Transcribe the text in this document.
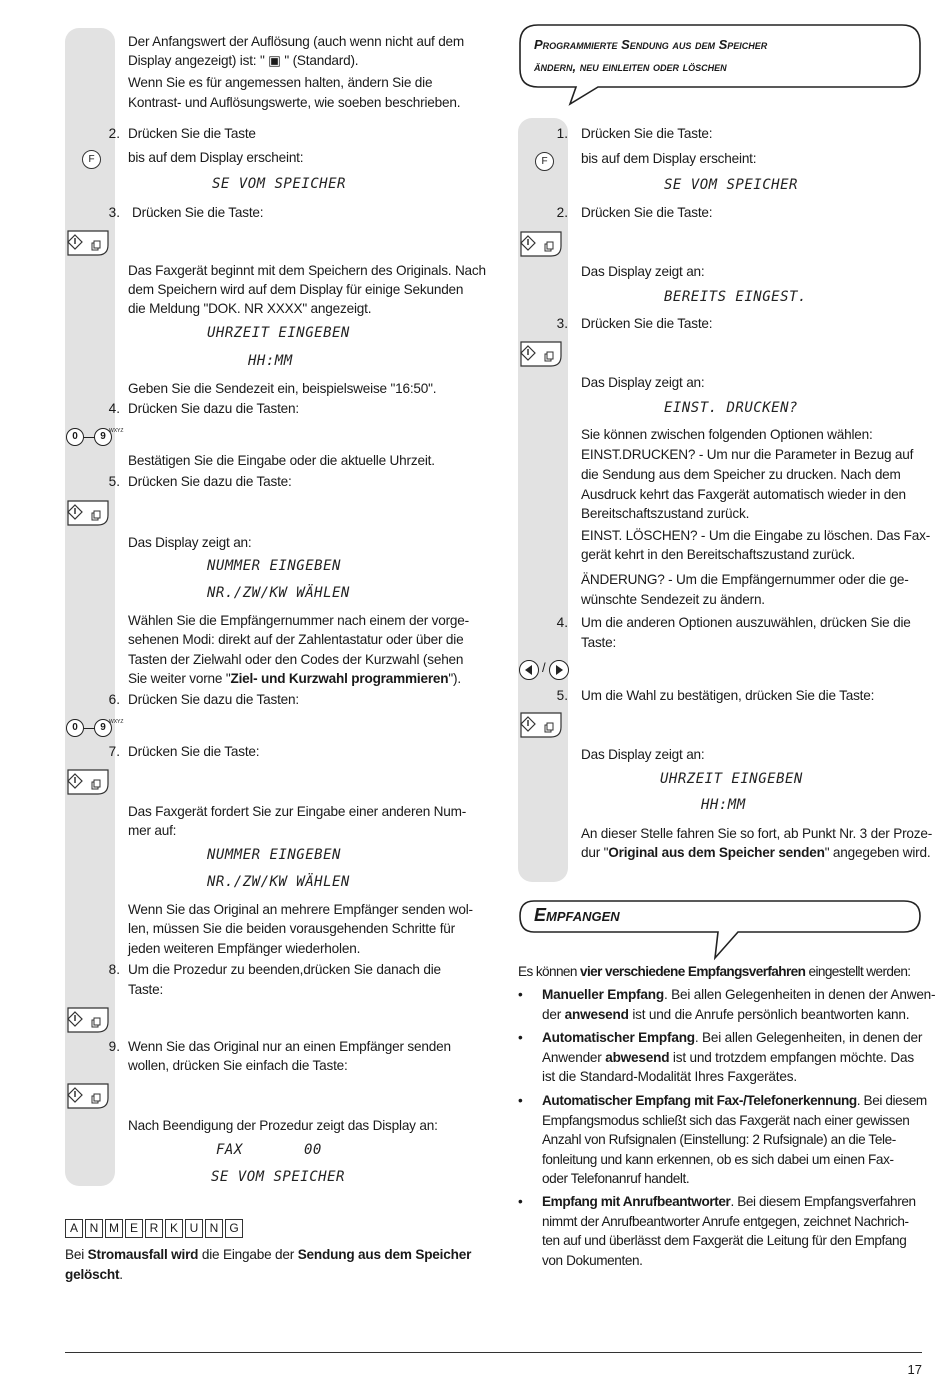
Der Anfangswert der Auflösung (auch wenn nicht auf dem
Display angezeigt) ist: " ▣ " (Standard).
Wenn Sie es für angemessen halten, ändern Sie die
Kontrast- und Auflösungswerte, wie soeben beschrieben.
2. Drücken Sie die Taste
F	bis auf dem Display erscheint:
SE VOM SPEICHER
3. Drücken Sie die Taste:
Das Faxgerät beginnt mit dem Speichern des Originals. Nach
dem Speichern wird auf dem Display für einige Sekunden
die Meldung "DOK. NR XXXX" angezeigt.
UHRZEIT EINGEBEN
HH:MM
Geben Sie die Sendezeit ein, beispielsweise "16:50".
4. Drücken Sie dazu die Tasten:
0	9 WXYZ
Bestätigen Sie die Eingabe oder die aktuelle Uhrzeit.
5. Drücken Sie dazu die Taste:
Das Display zeigt an:
NUMMER EINGEBEN
NR./ZW/KW WÄHLEN
Wählen Sie die Empfängernummer nach einem der vorge-
sehenen Modi: direkt auf der Zahlentastatur oder über die
Tasten der Zielwahl oder den Codes der Kurzwahl (sehen
Sie weiter vorne "Ziel- und Kurzwahl programmieren").
6. Drücken Sie dazu die Tasten:
0	9 WXYZ
7. Drücken Sie die Taste:
Das Faxgerät fordert Sie zur Eingabe einer anderen Num-
mer auf:
NUMMER EINGEBEN
NR./ZW/KW WÄHLEN
Wenn Sie das Original an mehrere Empfänger senden wol-
len, müssen Sie die beiden vorausgehenden Schritte für
jeden weiteren Empfänger wiederholen.
8. Um die Prozedur zu beenden,drücken Sie danach die
Taste:
9. Wenn Sie das Original nur an einen Empfänger senden
wollen, drücken Sie einfach die Taste:
Nach Beendigung der Prozedur zeigt das Display an:
FAX	00
SE VOM SPEICHER
A N M E R K U N G
Bei Stromausfall wird die Eingabe der Sendung aus dem Speicher
gelöscht.
Programmierte Sendung aus dem Speicher
ändern, neu einleiten oder löschen
1. Drücken Sie die Taste:
F	bis auf dem Display erscheint:
SE VOM SPEICHER
2. Drücken Sie die Taste:
Das Display zeigt an:
BEREITS EINGEST.
3. Drücken Sie die Taste:
Das Display zeigt an:
EINST. DRUCKEN?
Sie können zwischen folgenden Optionen wählen:
EINST.DRUCKEN? - Um nur die Parameter in Bezug auf
die Sendung aus dem Speicher zu drucken. Nach dem
Ausdruck kehrt das Faxgerät automatisch wieder in den
Bereitschaftszustand zurück.
EINST. LÖSCHEN? - Um die Eingabe zu löschen. Das Fax-
gerät kehrt in den Bereitschaftszustand zurück.
ÄNDERUNG? - Um die Empfängernummer oder die ge-
wünschte Sendezeit zu ändern.
4. Um die anderen Optionen auszuwählen, drücken Sie die
Taste:
/
5. Um die Wahl zu bestätigen, drücken Sie die Taste:
Das Display zeigt an:
UHRZEIT EINGEBEN
HH:MM
An dieser Stelle fahren Sie so fort, ab Punkt Nr. 3 der Proze-
dur "Original aus dem Speicher senden" angegeben wird.
Empfangen
Es können vier verschiedene Empfangsverfahren eingestellt werden:
• Manueller Empfang. Bei allen Gelegenheiten in denen der Anwen-
der anwesend ist und die Anrufe persönlich beantworten kann.
• Automatischer Empfang. Bei allen Gelegenheiten, in denen der
Anwender abwesend ist und trotzdem empfangen möchte. Das
ist die Standard-Modalität Ihres Faxgerätes.
• Automatischer Empfang mit Fax-/Telefonerkennung. Bei diesem
Empfangsmodus schließt sich das Faxgerät nach einer gewissen
Anzahl von Rufsignalen (Einstellung: 2 Rufsignale) an die Tele-
fonleitung und kann erkennen, ob es sich dabei um einen Fax-
oder Telefonanruf handelt.
• Empfang mit Anrufbeantworter. Bei diesem Empfangsverfahren
nimmt der Anrufbeantworter Anrufe entgegen, zeichnet Nachrich-
ten auf und überlässt dem Faxgerät die Leitung für den Empfang
von Dokumenten.
17
